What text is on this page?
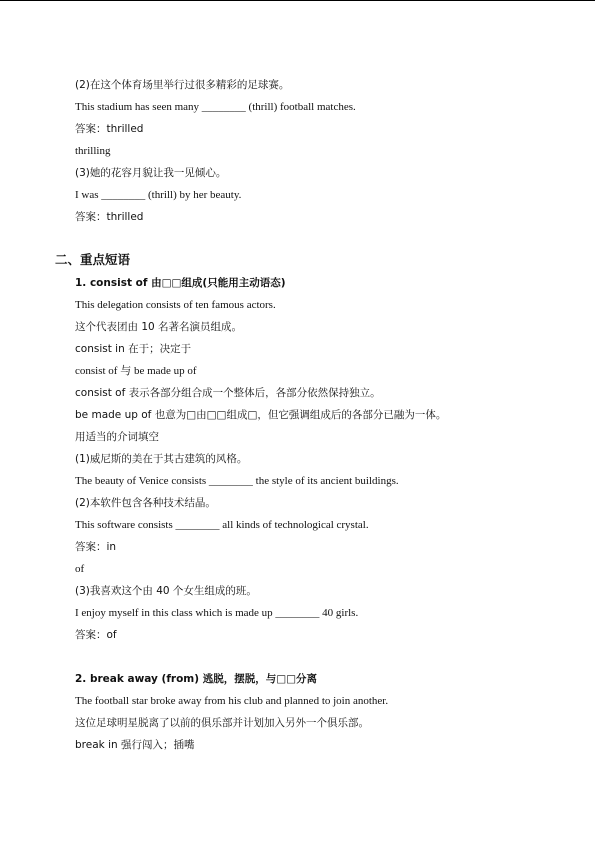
(2)在这个体育场里举行过很多精彩的足球赛。
This stadium has seen many ________ (thrill) football matches.
答案：thrilled
thrilling
(3)她的花容月貌让我一见倾心。
I was ________ (thrill) by her beauty.
答案：thrilled
二、重点短语
1. consist of 由□□组成(只能用主动语态)
This delegation consists of ten famous actors.
这个代表团由 10 名著名演员组成。
consist in 在于；决定于
consist of 与 be made up of
consist of 表示各部分组合成一个整体后，各部分依然保持独立。
be made up of 也意为□由□□组成□，但它强调组成后的各部分已融为一体。
用适当的介词填空
(1)威尼斯的美在于其古建筑的风格。
The beauty of Venice consists ________ the style of its ancient buildings.
(2)本软件包含各种技术结晶。
This software consists ________ all kinds of technological crystal.
答案：in
of
(3)我喜欢这个由 40 个女生组成的班。
I enjoy myself in this class which is made up ________ 40 girls.
答案：of
2. break away (from) 逃脱，摆脱，与□□分离
The football star broke away from his club and planned to join another.
这位足球明星脱离了以前的俱乐部并计划加入另外一个俱乐部。
break in 强行闯入；插嘴
